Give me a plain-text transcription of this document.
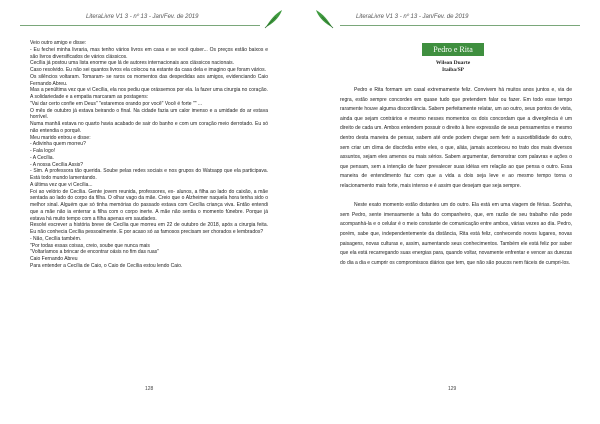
LiteraLivre V1 3 - nº 13 - Jan/Fev. de 2019

Veio outro amigo e disse:

- Eu fechei minha livraria, mas tenho vários livros em casa e se você quiser... Os preços estão baixos e são livros diversificados de vários clássicos.

Cecília já postou uma lista enorme que lá de autores internacionais aos clássicos nacionais.

Caso resolvido. Eu não sei quantos livros ela colocou na estante da casa dela e imagino que foram vários.

Os silêncios voltaram. Tomaram- se raros os momentos das despedidas aos amigos, evidenciando Caio Fernando Abreu.

Mas a penúltima vez que vi Cecília, ela nos pediu que orássemos por ela. Ia fazer uma cirurgia no coração.

A solidariedade e a empatia marcaram as postagens:

"Vai dar certo confie em Deus" "estaremos orando por você" Você é forte "" ...

O mês de outubro já estava beirando o final. Na cidade fazia um calor imenso e a umidade do ar estava horrível.

Numa manhã estava no quarto havia acabado de sair do banho e com um coração meio derrotado. Eu só não entendia o porquê.

Meu marido entrou e disse:

- Adivinha quem morreu?

- Fala logo!

- A Cecília.

- A nossa Cecília Assis?

- Sim. A professora tão querida. Soube pelas redes sociais e nos grupos do Watsapp que ela participava. Está todo mundo lamentando.

A última vez que vi Cecília...

Foi ao velório de Cecília. Gente jovem reunida, professores, ex- alunos, a filha ao lado do caixão, a mãe sentada ao lado do corpo da filha. O olhar vago da mãe. Creio que o Alzheimer naquela hora tenha sido o melhor sinal. Alguém que só tinha memórias do passado estava com Cecília criança viva. Então entendi que a mãe não ia enterrar a filha com o corpo inerte. A mãe não sentia o momento fúnebre. Porque já estava há muito tempo com a filha apenas em saudades.

Resolvi escrever a história breve de Cecília que morreu em 22 de outubro de 2018, após a cirurgia feita. Eu não conhecia Cecília pessoalmente. E por acaso só as famosos precisam ser chorados e lembrados?

- Não, Cecília também.

"Por todas essas coisas, creio, soube que nunca mais

"Voltaríamos a brincar de encontrar oásis no fim das ruas"

Caio Fernando Abreu

Para entender a Cecília de Caio, o Caio de Cecília estou lendo Caio.

128
LiteraLivre V1 3 - nº 13 - Jan/Fev. de 2019
Pedro e Rita
Wilson Duarte
Itaiba/SP

Pedro e Rita formam um casal extremamente feliz. Convivem há muitos anos juntos e, via de regra, estão sempre concordes em quase tudo que pretendem falar ou fazer. Em todo esse tempo raramente houve alguma discordância. Sabem perfeitamente relatar, um ao outro, seus pontos de vista, ainda que sejam contrários e mesmo nesses momentos os dois concordam que a divergência é um direito de cada um. Ambos entendem possuir o direito à livre expressão de seus pensamentos e mesmo dentro desta maneira de pensar, sabem até onde podem chegar sem ferir a suscetibilidade do outro, sem criar um clima de discórdia entre eles, o que, aliás, jamais aconteceu no trato dos mais diversos assuntos, sejam eles amenos ou mais sérios. Sabem argumentar, demonstrar com palavras e ações o que pensam, sem a intenção de fazer prevalecer suas idéias em relação ao que pensa o outro. Essa maneira de entendimento faz com que a vida a dois seja leve e ao mesmo tempo torna o relacionamento mais forte, mais intenso e é assim que desejam que seja sempre.

Neste exato momento estão distantes um do outro. Ela está em uma viagem de férias. Sozinha, sem Pedro, sente imensamente a falta do companheiro, que, em razão de seu trabalho não pode acompanhá-la e o celular é o meio constante de comunicação entre ambos, várias vezes ao dia. Pedro, porém, sabe que, independentemente da distância, Rita está feliz, conhecendo novos lugares, novas paisagens, novas culturas e, assim, aumentando seus conhecimentos. Também ele está feliz por saber que ela está recarregando suas energias para, quando voltar, novamente enfrentar e vencer as durezas do dia a dia e cumprir os compromissos diários que tem, que não são poucos nem fáceis de cumpri-los.

129
